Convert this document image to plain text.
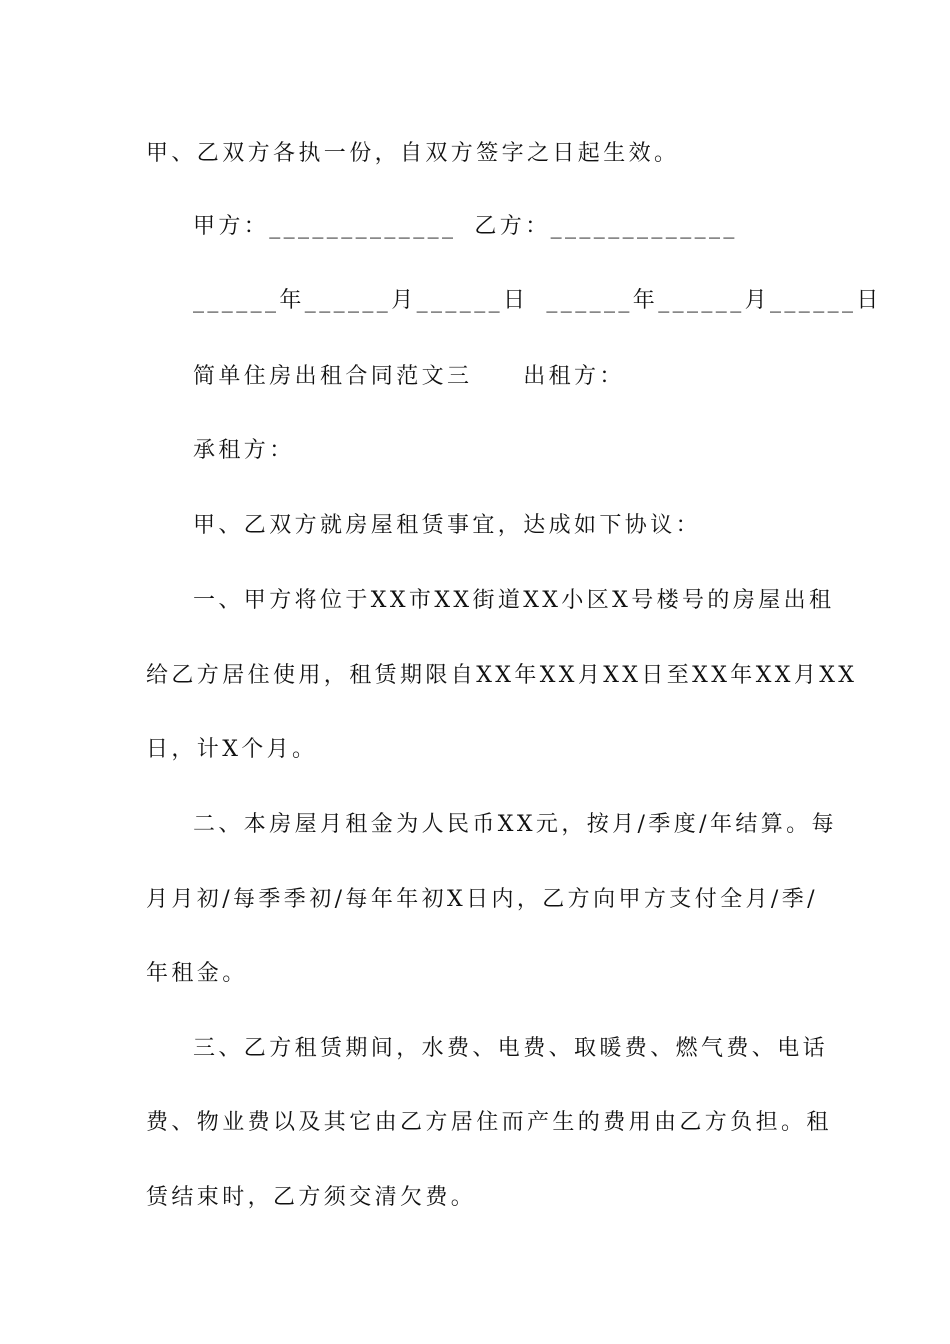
甲、乙双方各执一份，自双方签字之日起生效。
甲方：_____________ 乙方：_____________
______年______月______日 ______年______月______日
简单住房出租合同范文三　　出租方：
承租方：
甲、乙双方就房屋租赁事宜，达成如下协议：
一、甲方将位于XX市XX街道XX小区X号楼号的房屋出租
给乙方居住使用，租赁期限自XX年XX月XX日至XX年XX月XX
日，计X个月。
二、本房屋月租金为人民币XX元，按月/季度/年结算。每
月月初/每季季初/每年年初X日内，乙方向甲方支付全月/季/
年租金。
三、乙方租赁期间，水费、电费、取暖费、燃气费、电话
费、物业费以及其它由乙方居住而产生的费用由乙方负担。租
赁结束时，乙方须交清欠费。
